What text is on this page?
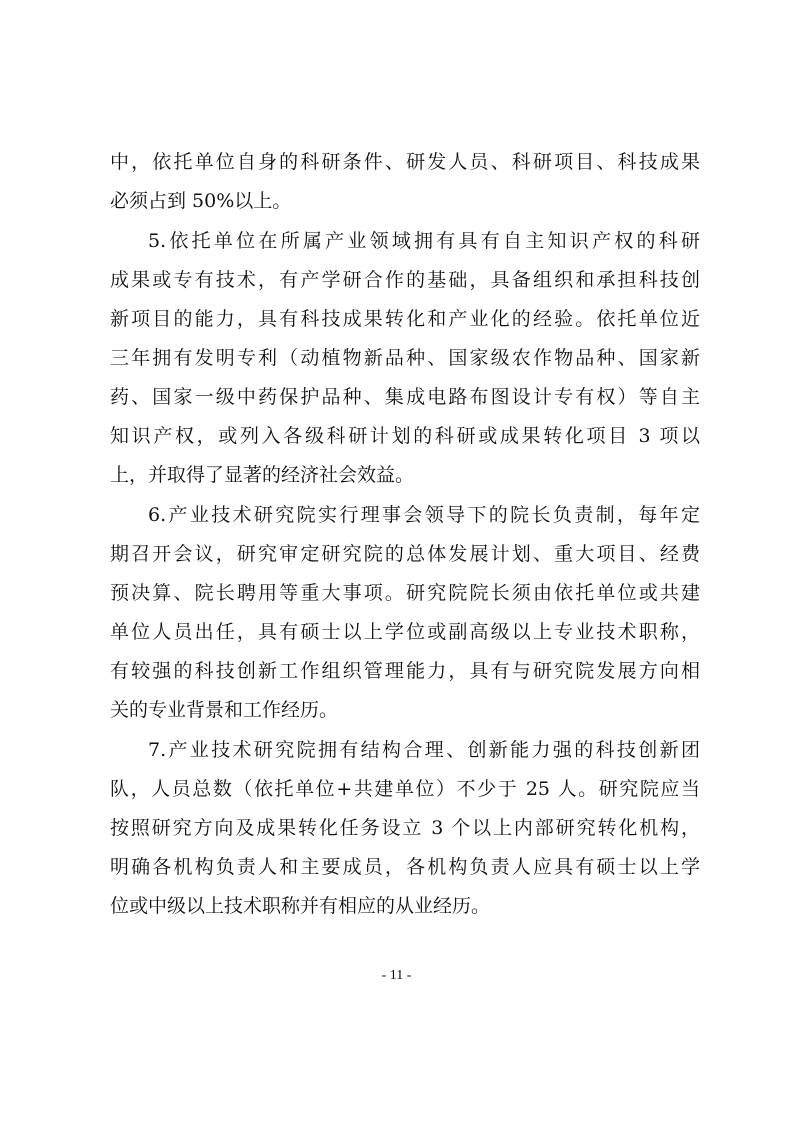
中，依托单位自身的科研条件、研发人员、科研项目、科技成果
必须占到 50%以上。
5.依托单位在所属产业领域拥有具有自主知识产权的科研
成果或专有技术，有产学研合作的基础，具备组织和承担科技创
新项目的能力，具有科技成果转化和产业化的经验。依托单位近
三年拥有发明专利（动植物新品种、国家级农作物品种、国家新
药、国家一级中药保护品种、集成电路布图设计专有权）等自主
知识产权，或列入各级科研计划的科研或成果转化项目 3 项以
上，并取得了显著的经济社会效益。
6.产业技术研究院实行理事会领导下的院长负责制，每年定
期召开会议，研究审定研究院的总体发展计划、重大项目、经费
预决算、院长聘用等重大事项。研究院院长须由依托单位或共建
单位人员出任，具有硕士以上学位或副高级以上专业技术职称，
有较强的科技创新工作组织管理能力，具有与研究院发展方向相
关的专业背景和工作经历。
7.产业技术研究院拥有结构合理、创新能力强的科技创新团
队，人员总数（依托单位+共建单位）不少于 25 人。研究院应当
按照研究方向及成果转化任务设立 3 个以上内部研究转化机构，
明确各机构负责人和主要成员，各机构负责人应具有硕士以上学
位或中级以上技术职称并有相应的从业经历。
- 11 -
